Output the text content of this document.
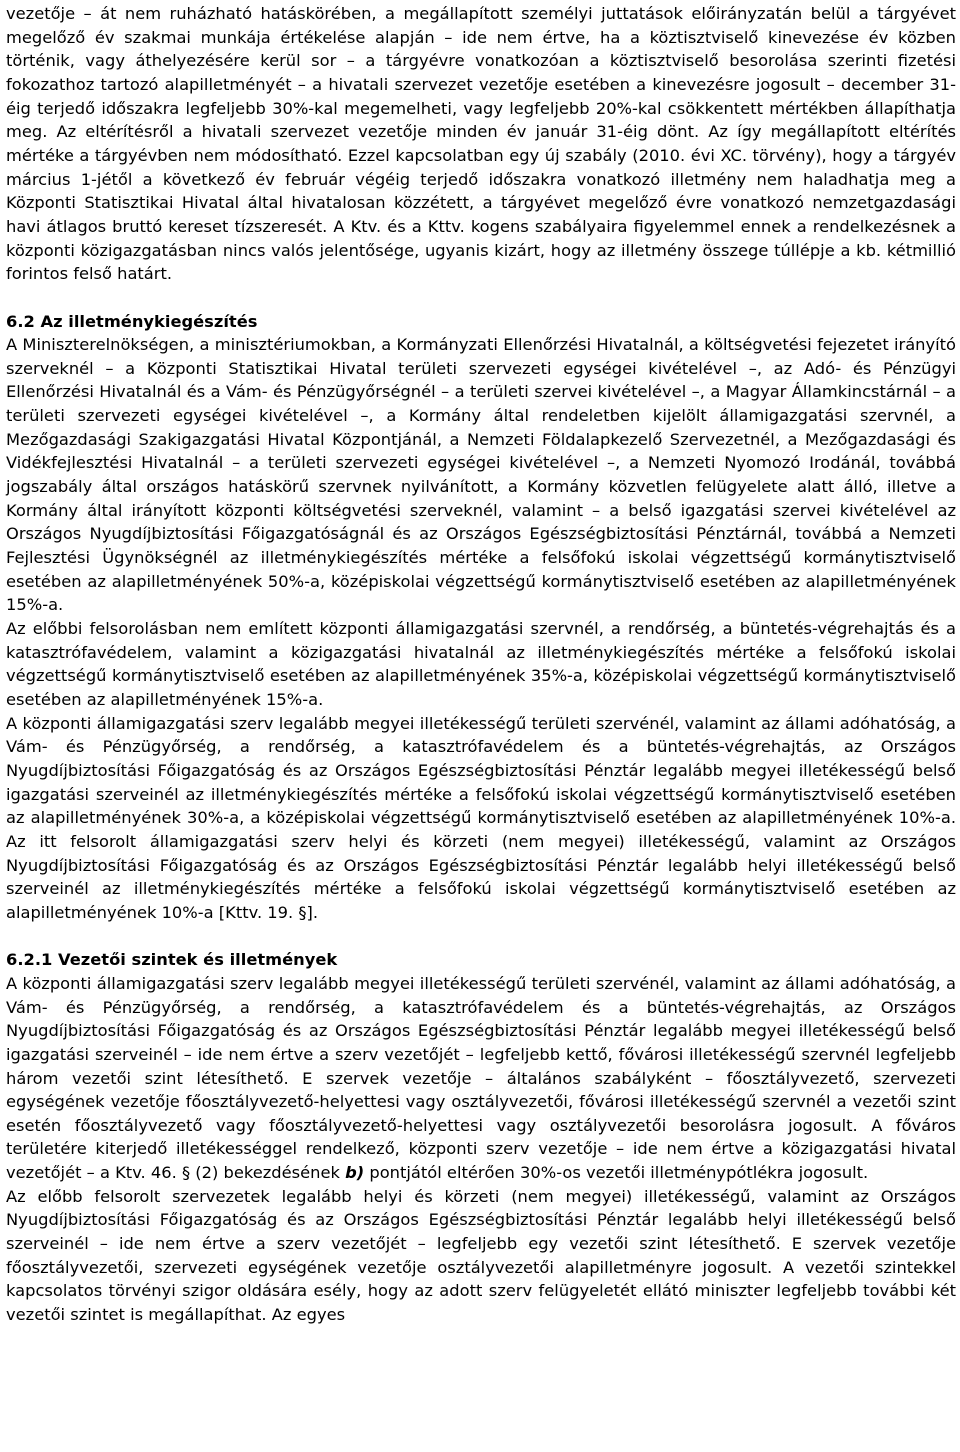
vezetője – át nem ruházható hatáskörében, a megállapított személyi juttatások előirányzatán belül a tárgyévet megelőző év szakmai munkája értékelése alapján – ide nem értve, ha a köztisztviselő kinevezése év közben történik, vagy áthelyezésére kerül sor – a tárgyévre vonatkozóan a köztisztviselő besorolása szerinti fizetési fokozathoz tartozó alapilletményét – a hivatali szervezet vezetője esetében a kinevezésre jogosult – december 31-éig terjedő időszakra legfeljebb 30%-kal megemelheti, vagy legfeljebb 20%-kal csökkentett mértékben állapíthatja meg. Az eltérítésről a hivatali szervezet vezetője minden év január 31-éig dönt. Az így megállapított eltérítés mértéke a tárgyévben nem módosítható. Ezzel kapcsolatban egy új szabály (2010. évi XC. törvény), hogy a tárgyév március 1-jétől a következő év február végéig terjedő időszakra vonatkozó illetmény nem haladhatja meg a Központi Statisztikai Hivatal által hivatalosan közzétett, a tárgyévet megelőző évre vonatkozó nemzetgazdasági havi átlagos bruttó kereset tízszeresét. A Ktv. és a Kttv. kogens szabályaira figyelemmel ennek a rendelkezésnek a központi közigazgatásban nincs valós jelentősége, ugyanis kizárt, hogy az illetmény összege túllépje a kb. kétmillió forintos felső határt.

6.2 Az illetménykiegészítés

A Miniszterelnökségen, a minisztériumokban, a Kormányzati Ellenőrzési Hivatalnál, a költségvetési fejezetet irányító szerveknél – a Központi Statisztikai Hivatal területi szervezeti egységei kivételével –, az Adó- és Pénzügyi Ellenőrzési Hivatalnál és a Vám- és Pénzügyőrségnél – a területi szervei kivételével –, a Magyar Államkincstárnál – a területi szervezeti egységei kivételével –, a Kormány által rendeletben kijelölt államigazgatási szervnél, a Mezőgazdasági Szakigazgatási Hivatal Központjánál, a Nemzeti Földalapkezelő Szervezetnél, a Mezőgazdasági és Vidékfejlesztési Hivatalnál – a területi szervezeti egységei kivételével –, a Nemzeti Nyomozó Irodánál, továbbá jogszabály által országos hatáskörű szervnek nyilvánított, a Kormány közvetlen felügyelete alatt álló, illetve a Kormány által irányított központi költségvetési szerveknél, valamint – a belső igazgatási szervei kivételével az Országos Nyugdíjbiztosítási Főigazgatóságnál és az Országos Egészségbiztosítási Pénztárnál, továbbá a Nemzeti Fejlesztési Ügynökségnél az illetménykiegészítés mértéke a felsőfokú iskolai végzettségű kormánytisztviselő esetében az alapilletményének 50%-a, középiskolai végzettségű kormánytisztviselő esetében az alapilletményének 15%-a.

Az előbbi felsorolásban nem említett központi államigazgatási szervnél, a rendőrség, a büntetés-végrehajtás és a katasztrófavédelem, valamint a közigazgatási hivatalnál az illetménykiegészítés mértéke a felsőfokú iskolai végzettségű kormánytisztviselő esetében az alapilletményének 35%-a, középiskolai végzettségű kormánytisztviselő esetében az alapilletményének 15%-a.

A központi államigazgatási szerv legalább megyei illetékességű területi szervénél, valamint az állami adóhatóság, a Vám- és Pénzügyőrség, a rendőrség, a katasztrófavédelem és a büntetés-végrehajtás, az Országos Nyugdíjbiztosítási Főigazgatóság és az Országos Egészségbiztosítási Pénztár legalább megyei illetékességű belső igazgatási szerveinél az illetménykiegészítés mértéke a felsőfokú iskolai végzettségű kormánytisztviselő esetében az alapilletményének 30%-a, a középiskolai végzettségű kormánytisztviselő esetében az alapilletményének 10%-a. Az itt felsorolt államigazgatási szerv helyi és körzeti (nem megyei) illetékességű, valamint az Országos Nyugdíjbiztosítási Főigazgatóság és az Országos Egészségbiztosítási Pénztár legalább helyi illetékességű belső szerveinél az illetménykiegészítés mértéke a felsőfokú iskolai végzettségű kormánytisztviselő esetében az alapilletményének 10%-a [Kttv. 19. §].

6.2.1 Vezetői szintek és illetmények

A központi államigazgatási szerv legalább megyei illetékességű területi szervénél, valamint az állami adóhatóság, a Vám- és Pénzügyőrség, a rendőrség, a katasztrófavédelem és a büntetés-végrehajtás, az Országos Nyugdíjbiztosítási Főigazgatóság és az Országos Egészségbiztosítási Pénztár legalább megyei illetékességű belső igazgatási szerveinél – ide nem értve a szerv vezetőjét – legfeljebb kettő, fővárosi illetékességű szervnél legfeljebb három vezetői szint létesíthető. E szervek vezetője – általános szabályként – főosztályvezető, szervezeti egységének vezetője főosztályvezető-helyettesi vagy osztályvezetői, fővárosi illetékességű szervnél a vezetői szint esetén főosztályvezető vagy főosztályvezető-helyettesi vagy osztályvezetői besorolásra jogosult. A főváros területére kiterjedő illetékességgel rendelkező, központi szerv vezetője – ide nem értve a közigazgatási hivatal vezetőjét – a Ktv. 46. § (2) bekezdésének b) pontjától eltérően 30%-os vezetői illetménypótlékra jogosult.

Az előbb felsorolt szervezetek legalább helyi és körzeti (nem megyei) illetékességű, valamint az Országos Nyugdíjbiztosítási Főigazgatóság és az Országos Egészségbiztosítási Pénztár legalább helyi illetékességű belső szerveinél – ide nem értve a szerv vezetőjét – legfeljebb egy vezetői szint létesíthető. E szervek vezetője főosztályvezetői, szervezeti egységének vezetője osztályvezetői alapilletményre jogosult. A vezetői szintekkel kapcsolatos törvényi szigor oldására esély, hogy az adott szerv felügyeletét ellátó miniszter legfeljebb további két vezetői szintet is megállapíthat. Az egyes
